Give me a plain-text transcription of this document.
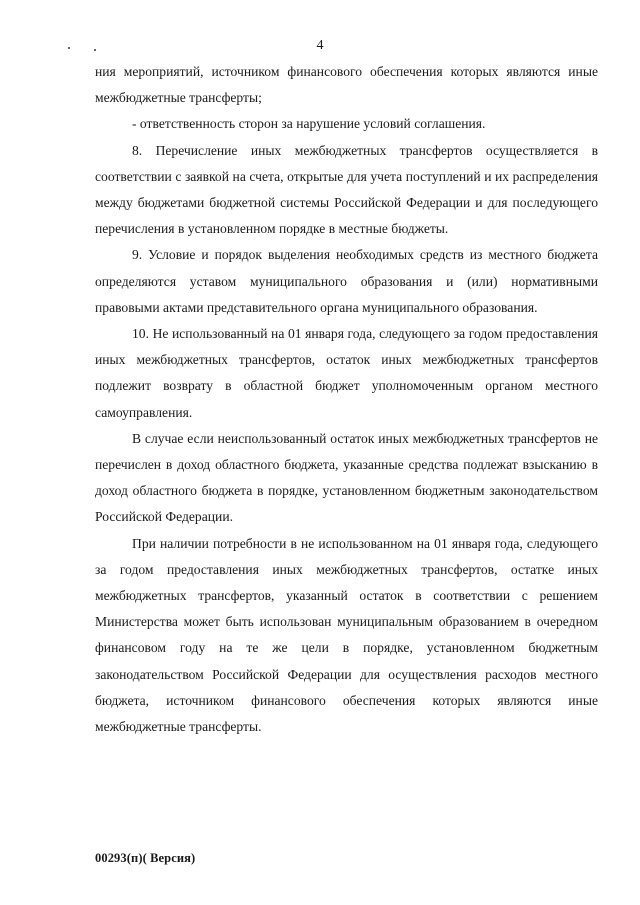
4

ния мероприятий, источником финансового обеспечения которых являются иные межбюджетные трансферты;

- ответственность сторон за нарушение условий соглашения.

8. Перечисление иных межбюджетных трансфертов осуществляется в соответствии с заявкой на счета, открытые для учета поступлений и их распределения между бюджетами бюджетной системы Российской Федерации и для последующего перечисления в установленном порядке в местные бюджеты.

9. Условие и порядок выделения необходимых средств из местного бюджета определяются уставом муниципального образования и (или) нормативными правовыми актами представительного органа муниципального образования.

10. Не использованный на 01 января года, следующего за годом предоставления иных межбюджетных трансфертов, остаток иных межбюджетных трансфертов подлежит возврату в областной бюджет уполномоченным органом местного самоуправления.

В случае если неиспользованный остаток иных межбюджетных трансфертов не перечислен в доход областного бюджета, указанные средства подлежат взысканию в доход областного бюджета в порядке, установленном бюджетным законодательством Российской Федерации.

При наличии потребности в не использованном на 01 января года, следующего за годом предоставления иных межбюджетных трансфертов, остатке иных межбюджетных трансфертов, указанный остаток в соответствии с решением Министерства может быть использован муниципальным образованием в очередном финансовом году на те же цели в порядке, установленном бюджетным законодательством Российской Федерации для осуществления расходов местного бюджета, источником финансового обеспечения которых являются иные межбюджетные трансферты.

00293(п)( Версия)
